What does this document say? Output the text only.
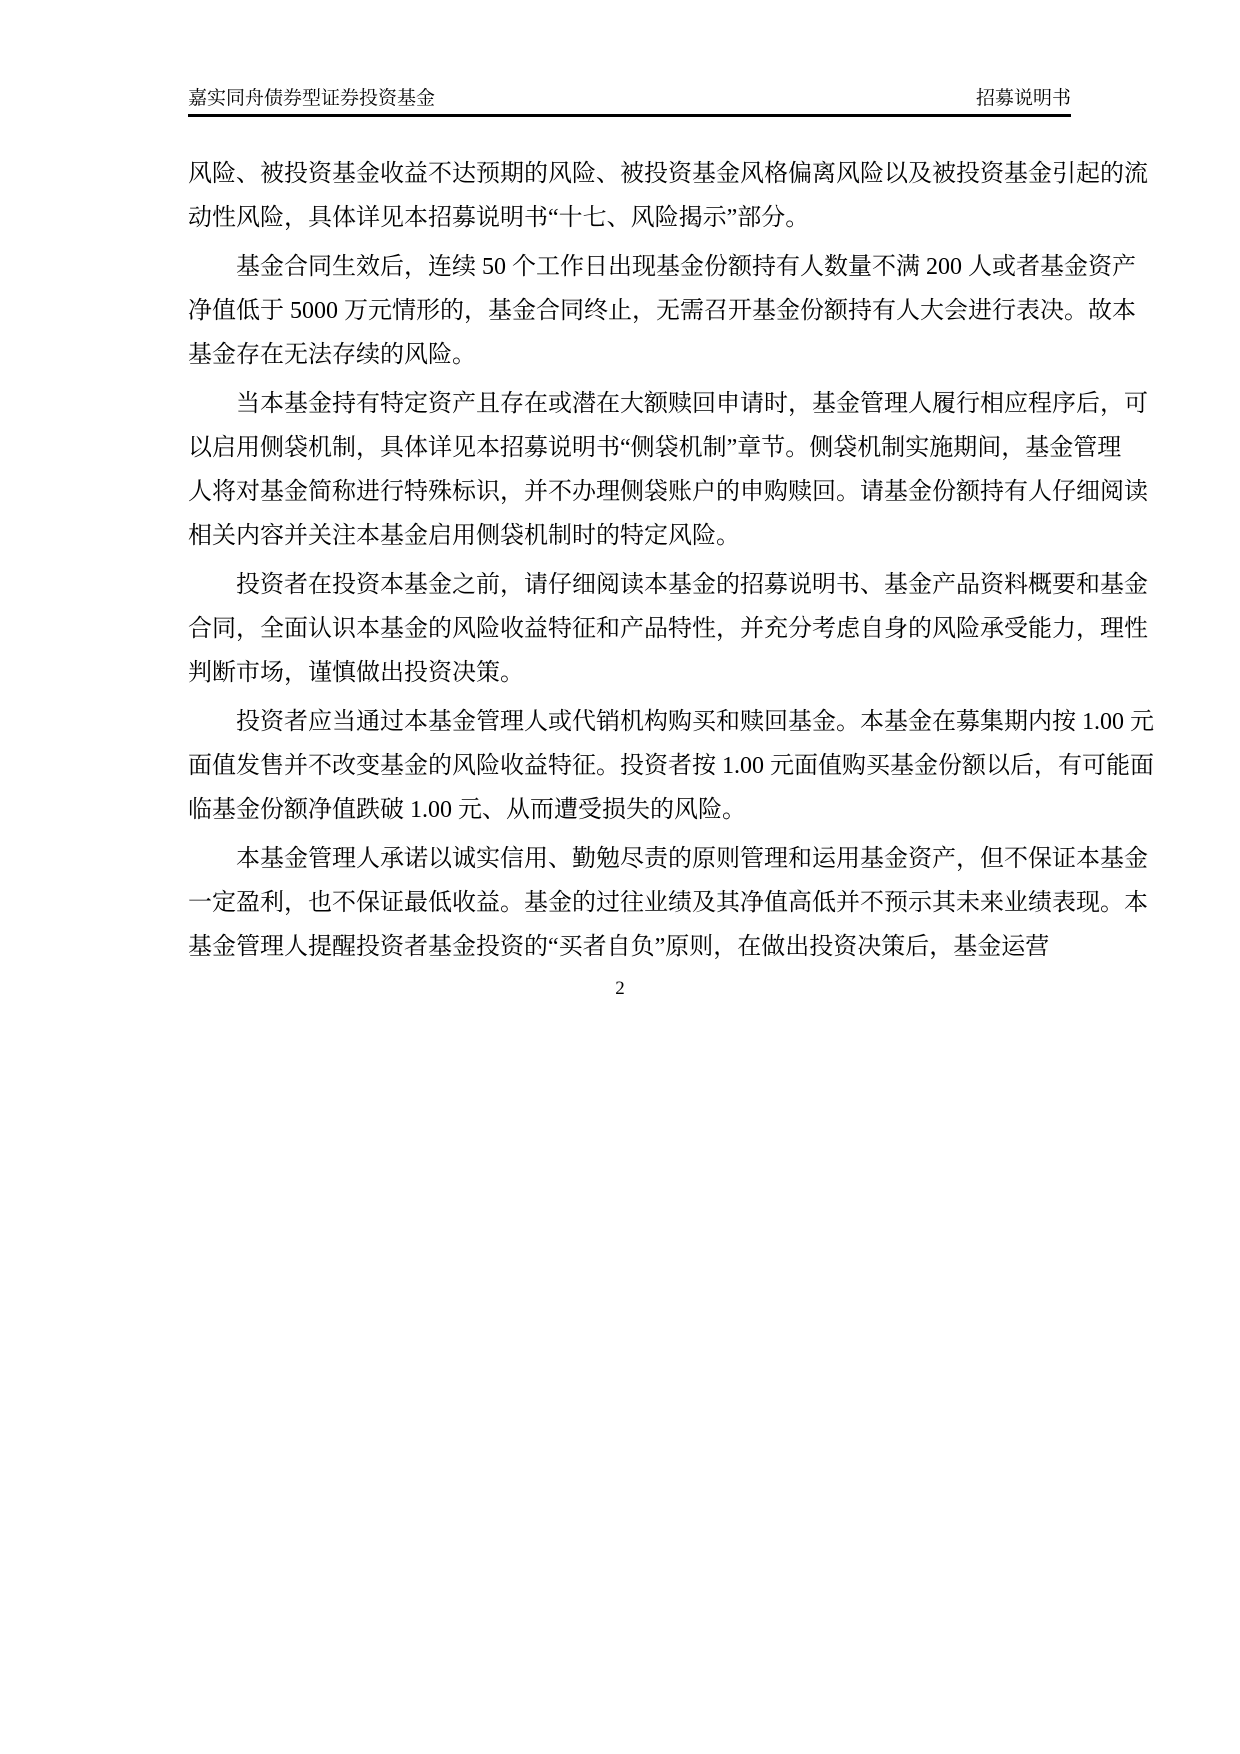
嘉实同舟债券型证券投资基金	招募说明书
风险、被投资基金收益不达预期的风险、被投资基金风格偏离风险以及被投资基金引起的流
动性风险，具体详见本招募说明书“十七、风险揭示”部分。
基金合同生效后，连续 50 个工作日出现基金份额持有人数量不满 200 人或者基金资产
净值低于 5000 万元情形的，基金合同终止，无需召开基金份额持有人大会进行表决。故本
基金存在无法存续的风险。
当本基金持有特定资产且存在或潜在大额赎回申请时，基金管理人履行相应程序后，可
以启用侧袋机制，具体详见本招募说明书“侧袋机制”章节。侧袋机制实施期间，基金管理
人将对基金简称进行特殊标识，并不办理侧袋账户的申购赎回。请基金份额持有人仔细阅读
相关内容并关注本基金启用侧袋机制时的特定风险。
投资者在投资本基金之前，请仔细阅读本基金的招募说明书、基金产品资料概要和基金
合同，全面认识本基金的风险收益特征和产品特性，并充分考虑自身的风险承受能力，理性
判断市场，谨慎做出投资决策。
投资者应当通过本基金管理人或代销机构购买和赎回基金。本基金在募集期内按 1.00 元
面值发售并不改变基金的风险收益特征。投资者按 1.00 元面值购买基金份额以后，有可能面
临基金份额净值跌破 1.00 元、从而遭受损失的风险。
本基金管理人承诺以诚实信用、勤勉尽责的原则管理和运用基金资产，但不保证本基金
一定盈利，也不保证最低收益。基金的过往业绩及其净值高低并不预示其未来业绩表现。本
基金管理人提醒投资者基金投资的“买者自负”原则，在做出投资决策后，基金运营
2
